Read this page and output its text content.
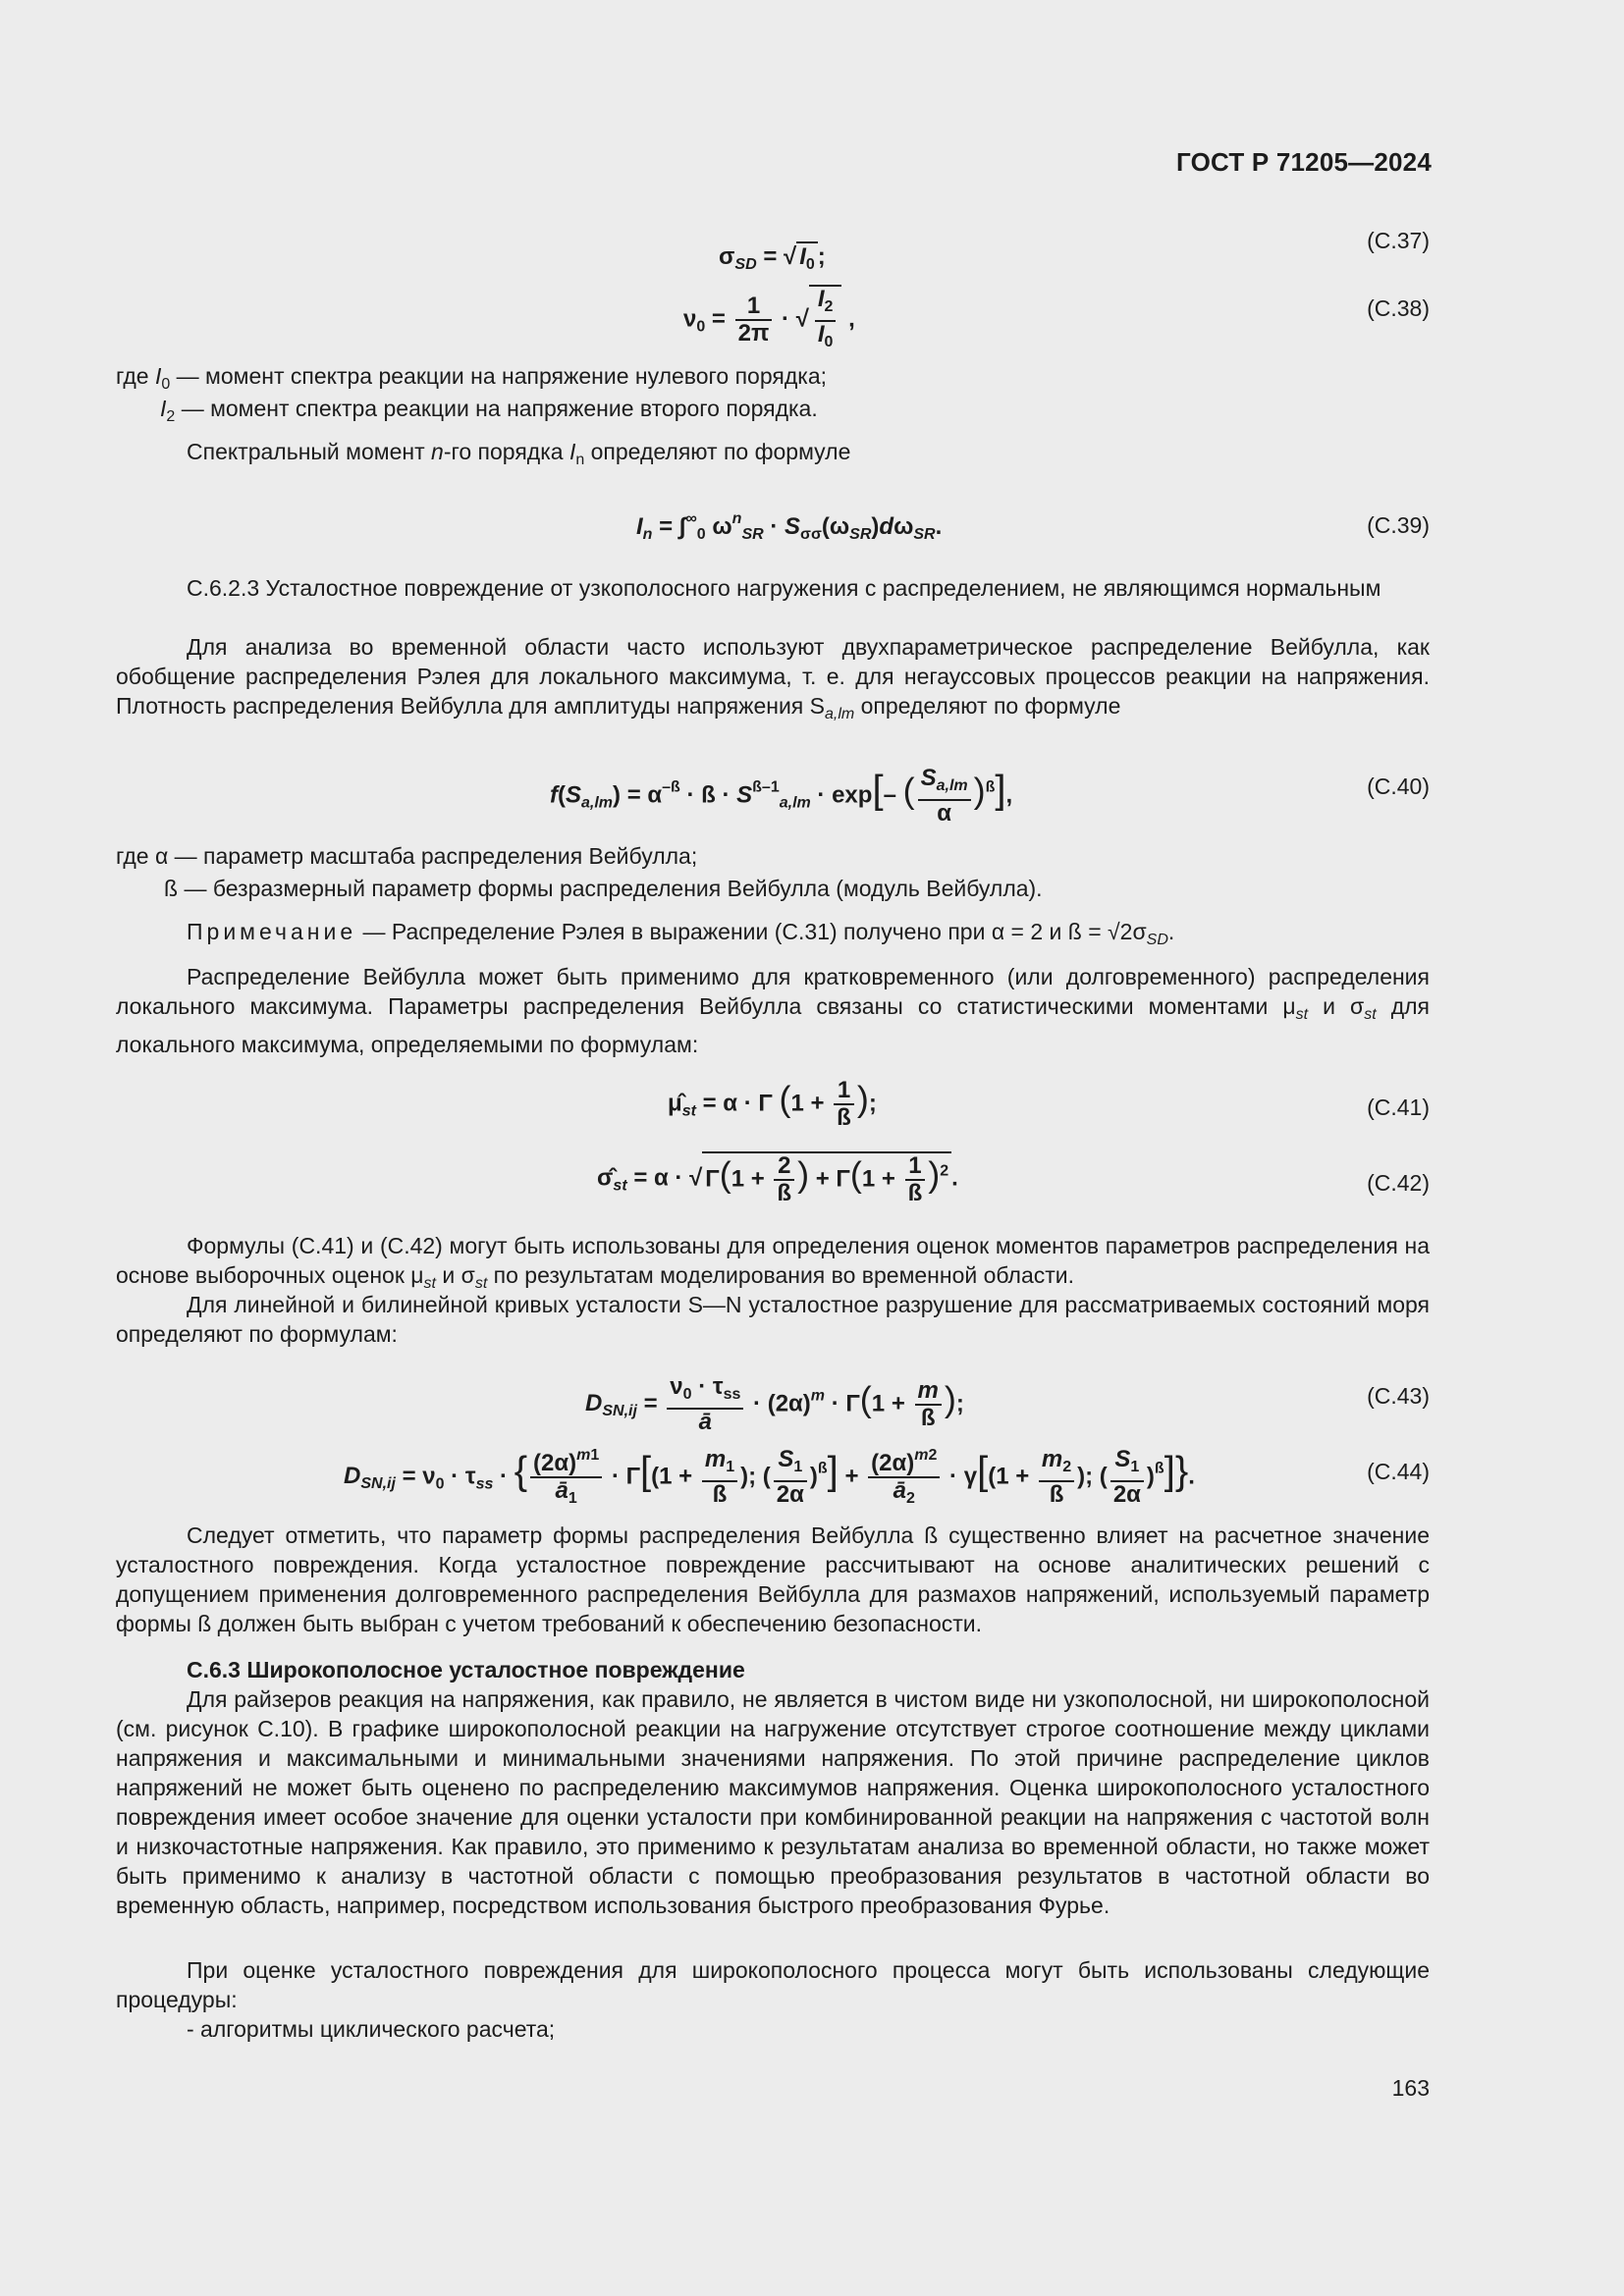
ГОСТ Р 71205—2024
$\sigma_{SD}$ = √ $I_0$ ;
(C.37)
$\nu_0 = \frac{1}{2\pi}$ · √ $\frac{I_2}{I_0}$ ,	(C.38)
где $I_0$ — момент спектра реакции на напряжение нулевого порядка;
$I_2$ — момент спектра реакции на напряжение второго порядка.
Спектральный момент n-го порядка $I_n$ определяют по формуле
$I_n = \int^\infty_0$ $\omega^n_{SR} \cdot S_{\sigma\sigma}(\omega_{SR})d\omega_{SR}$.	(C.39)
C.6.2.3 Усталостное повреждение от узкополосного нагружения с распределением, не являющимся нормальным
Для анализа во временной области часто используют двухпараметрическое распределение Вейбулла, как обобщение распределения Рэлея для локального максимума, т. е. для негауссовых процессов реакции на напряжения. Плотность распределения Вейбулла для амплитуды напряжения $S_{a,lm}$ определяют по формуле
$f(S_{a,lm}) = \alpha^{-ß}$ · ß · $S^{ß-1}_{a,lm} \cdot \exp[-$ ( $\frac{S_{a,lm}}{\alpha} )^ß$],	(C.40)
где α — параметр масштаба распределения Вейбулла;
ß — безразмерный параметр формы распределения Вейбулла (модуль Вейбулла).
Примечание — Распределение Рэлея в выражении (C.31) получено при α = 2 и ß = $√2\sigma_{SD}$.
Распределение Вейбулла может быть применимо для кратковременного (или долговременного) распределения локального максимума. Параметры распределения Вейбулла связаны со статистическими моментами $\mu_{st}$ и $\sigma_{st}$ для локального максимума, определяемыми по формулам:
$\mû_{st} = \alpha \cdot \Gamma$ ($1 + \frac{1}{ß}$ );	(C.41)
$\sigmâ_{st} = \alpha$ · √ $\Gamma(1 + \frac{2}{ß}$ ) + $\Gamma(1 + \frac{1}{ß} )^2$ .	(C.42)
Формулы (C.41) и (C.42) могут быть использованы для определения оценок моментов параметров распределения на основе выборочных оценок $\mu_{st}$ и $\sigma_{st}$ по результатам моделирования во временной области.
Для линейной и билинейной кривых усталости S—N усталостное разрушение для рассматриваемых состояний моря определяют по формулам:
$D_{SN,ij} = \frac{\nu_0 \cdot \tau_{ss}}{ā} \cdot (2\alpha)^m \cdot \Gamma(1 + \frac{m}{ß}$ );	(C.43)
$D_{SN,ij} = \nu_0 \cdot \tau_{ss}$ · { $\frac{(2\alpha)^{m1}}{ā_1} \cdot \Gamma[(1 + \frac{m_1}{ß}$ ); ( $\frac{S_1}{2\alpha} )^ß] + \frac{(2\alpha)^{m2}}{ā_2} \cdot \gamma[(1 + \frac{m_2}{ß}$ ); ( $\frac{S_1}{2\alpha} )^ß$]}.	(C.44)
Следует отметить, что параметр формы распределения Вейбулла ß существенно влияет на расчетное значение усталостного повреждения. Когда усталостное повреждение рассчитывают на основе аналитических решений с допущением применения долговременного распределения Вейбулла для размахов напряжений, используемый параметр формы ß должен быть выбран с учетом требований к обеспечению безопасности.
C.6.3 Широкополосное усталостное повреждение
Для райзеров реакция на напряжения, как правило, не является в чистом виде ни узкополосной, ни широкополосной (см. рисунок C.10). В графике широкополосной реакции на нагружение отсутствует строгое соотношение между циклами напряжения и максимальными и минимальными значениями напряжения. По этой причине распределение циклов напряжений не может быть оценено по распределению максимумов напряжения. Оценка широкополосного усталостного повреждения имеет особое значение для оценки усталости при комбинированной реакции на напряжения с частотой волн и низкочастотные напряжения. Как правило, это применимо к результатам анализа во временной области, но также может быть применимо к анализу в частотной области с помощью преобразования результатов в частотной области во временную область, например, посредством использования быстрого преобразования Фурье.
При оценке усталостного повреждения для широкополосного процесса могут быть использованы следующие процедуры:
- алгоритмы циклического расчета;
163
